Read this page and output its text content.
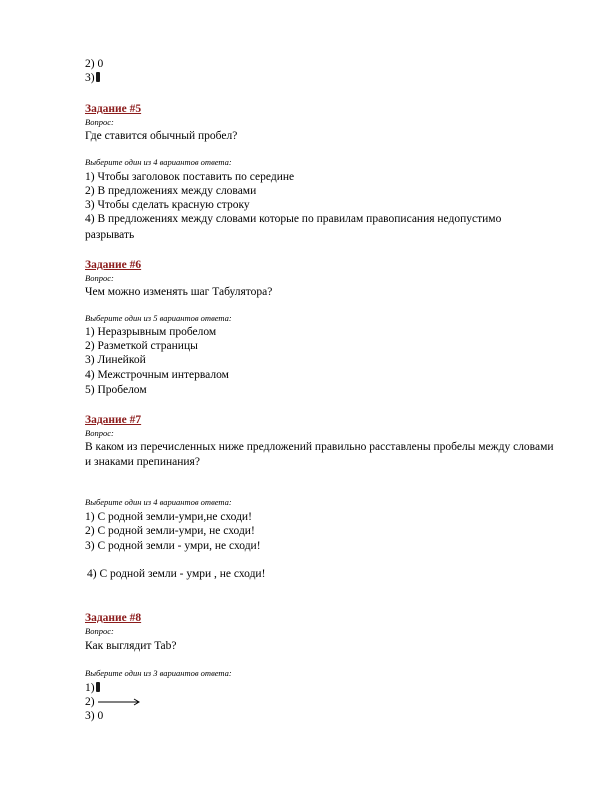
2) 0
3)
Задание #5
Вопрос:
Где ставится обычный пробел?
Выберите один из 4 вариантов ответа:
1) Чтобы заголовок поставить по середине
2) В предложениях между словами
3) Чтобы сделать красную строку
4) В предложениях между словами которые по правилам правописания недопустимо
разрывать
Задание #6
Вопрос:
Чем можно изменять шаг Табулятора?
Выберите один из 5 вариантов ответа:
1) Неразрывным пробелом
2) Разметкой страницы
3) Линейкой
4) Межстрочным интервалом
5) Пробелом
Задание #7
Вопрос:
В каком из перечисленных ниже предложений правильно расставлены пробелы между словами
и знаками препинания?
Выберите один из 4 вариантов ответа:
1) С родной земли-умри,не сходи!
2) С родной земли-умри, не сходи!
3) С родной земли - умри, не сходи!
4) С родной земли - умри , не сходи!
Задание #8
Вопрос:
Как выглядит Tab?
Выберите один из 3 вариантов ответа:
1)
2)
3) 0
